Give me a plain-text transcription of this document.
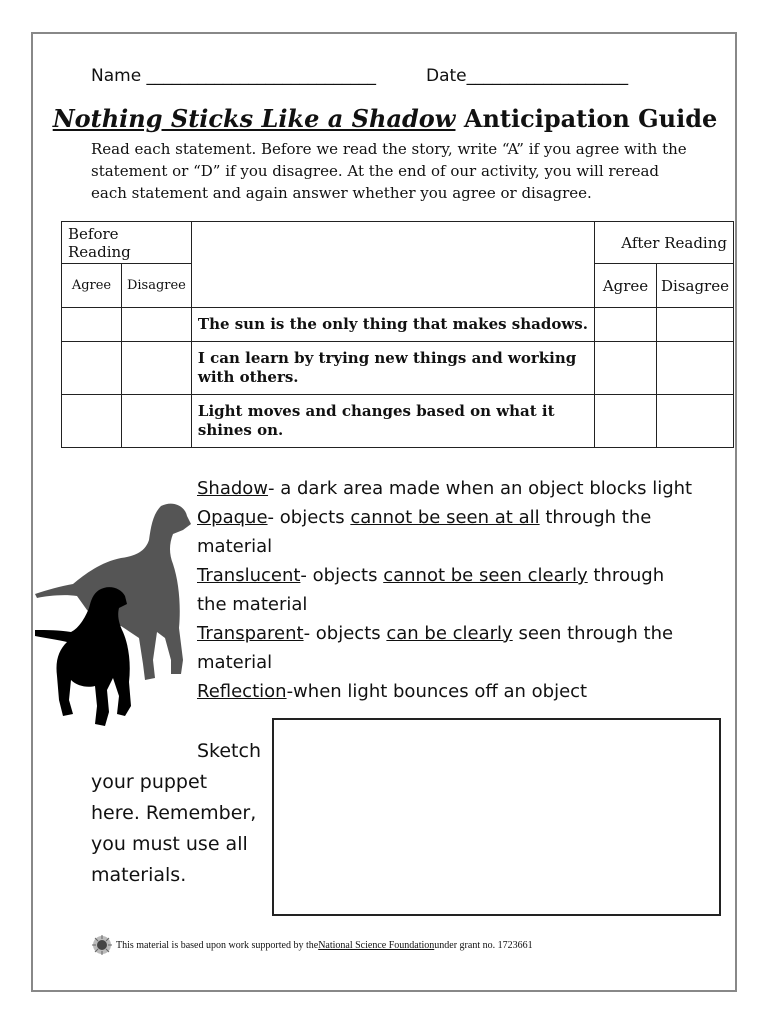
Name ___________________________	Date___________________
Nothing Sticks Like a Shadow Anticipation Guide
Read each statement. Before we read the story, write “A” if you agree with the statement or “D” if you disagree. At the end of our activity, you will reread each statement and again answer whether you agree or disagree.
Before Reading			After Reading	
Agree	Disagree		Agree	Disagree
		The sun is the only thing that makes shadows.		
		I can learn by trying new things and working with others.		
		Light moves and changes based on what it shines on.		
Shadow- a dark area made when an object blocks light
Opaque- objects cannot be seen at all through the material
Translucent- objects cannot be seen clearly through the material
Transparent- objects can be clearly seen through the material
Reflection-when light bounces off an object
Sketch
your puppet here. Remember, you must use all materials.
This material is based upon work supported by the National Science Foundation under grant no. 1723661
